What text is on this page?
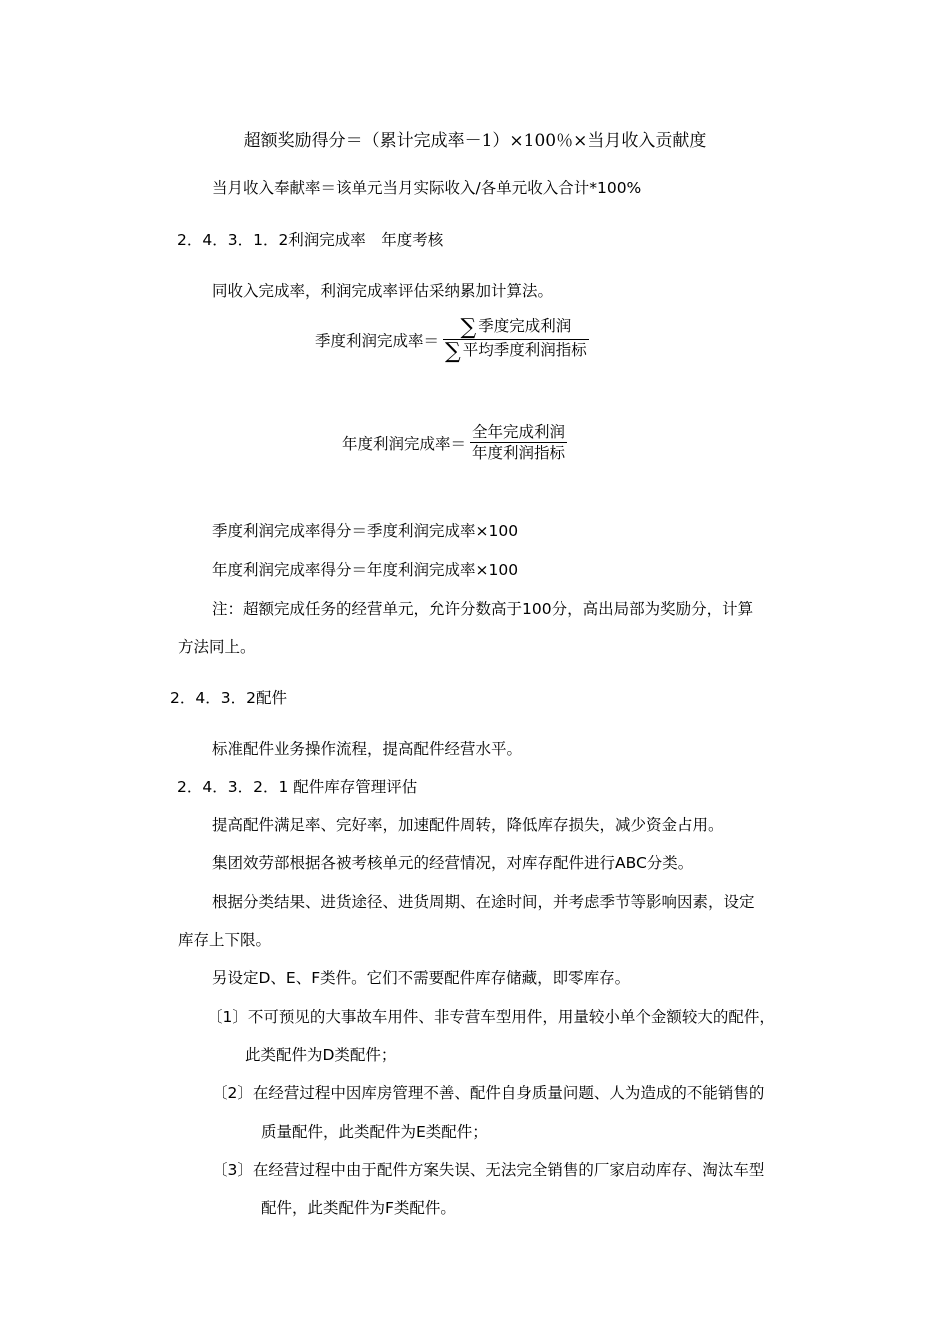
超额奖励得分＝（累计完成率－1）×100％×当月收入贡献度
当月收入奉献率＝该单元当月实际收入/各单元收入合计*100%
2．4．3．1．2利润完成率　年度考核
同收入完成率，利润完成率评估采纳累加计算法。
季度利润完成率＝ $\frac{\text{∑ 季度完成利润}}{\text{∑ 平均季度利润指标}}$
年度利润完成率＝ $\frac{\text{全年完成利润}}{\text{年度利润指标}}$
季度利润完成率得分＝季度利润完成率×100
年度利润完成率得分＝年度利润完成率×100
注：超额完成任务的经营单元，允许分数高于100分，高出局部为奖励分，计算
方法同上。
2．4．3．2配件
标准配件业务操作流程，提高配件经营水平。
2．4．3．2．1 配件库存管理评估
提高配件满足率、完好率，加速配件周转，降低库存损失，减少资金占用。
集团效劳部根据各被考核单元的经营情况，对库存配件进行ABC分类。
根据分类结果、进货途径、进货周期、在途时间，并考虑季节等影响因素，设定
库存上下限。
另设定D、E、F类件。它们不需要配件库存储藏，即零库存。
〔1〕不可预见的大事故车用件、非专营车型用件，用量较小单个金额较大的配件，
此类配件为D类配件；
〔2〕在经营过程中因库房管理不善、配件自身质量问题、人为造成的不能销售的
质量配件，此类配件为E类配件；
〔3〕在经营过程中由于配件方案失误、无法完全销售的厂家启动库存、淘汰车型
配件，此类配件为F类配件。
